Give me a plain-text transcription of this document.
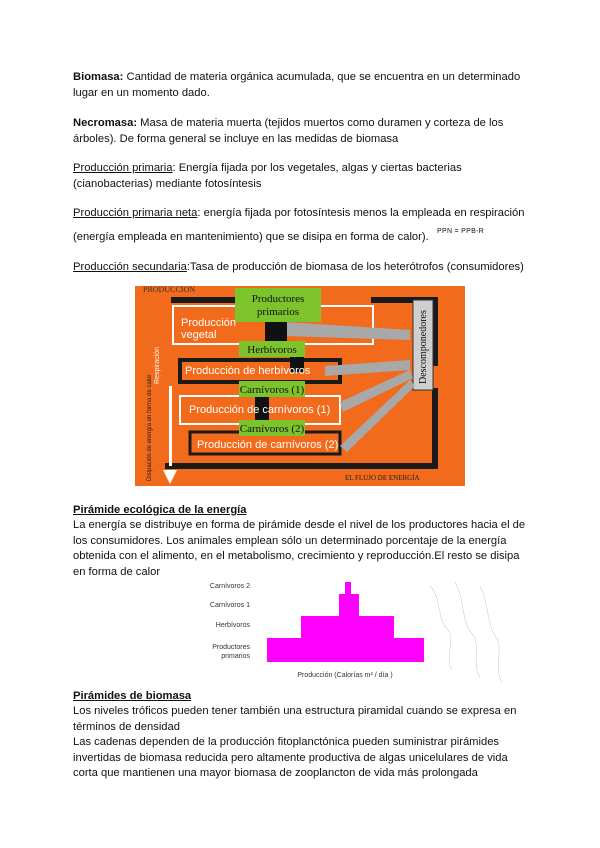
Biomasa: Cantidad de materia orgánica acumulada, que se encuentra en un determinado lugar en un momento dado.
Necromasa: Masa de materia muerta (tejidos muertos como duramen y corteza de los árboles). De forma general se incluye en las medidas de biomasa
Producción primaria: Energía fijada por los vegetales, algas y ciertas bacterias (cianobacterias) mediante fotosíntesis
Producción primaria neta: energía fijada por fotosíntesis menos la empleada en respiración
(energía empleada en mantenimiento) que se disipa en forma de calor).	PPN = PPB-R
Producción secundaria:Tasa de producción de biomasa de los heterótrofos (consumidores)
PRODUCCIÓN
Descomponedores
Productores
primarios
Herbívoros
Carnívoros (1)
Carnívoros (2)
Producción
vegetal
Producción de herbívoros
Producción de carnívoros (1)
Producción de carnívoros (2)
Respiración
Disipación de energía en forma de calor	EL FLUJO DE ENERGÍA
Pirámide ecológica de la energía
La energía se distribuye en forma de pirámide desde el nivel de los productores hacia el de los consumidores. Los animales emplean sólo un determinado porcentaje de la energía obtenida con el alimento, en el metabolismo, crecimiento y reproducción.El resto se disipa en forma de calor
Carnívoros 2
Carnívoros 1
Herbívoros
Productores
primarios
Producción (Calorías m² / día )
Pirámides de biomasa
Los niveles tróficos pueden tener también una estructura piramidal cuando se expresa en términos de densidad
Las cadenas dependen de la producción fitoplanctónica pueden suministrar pirámides invertidas de biomasa reducida pero altamente productiva de algas unicelulares de vida corta que mantienen una mayor biomasa de zooplancton de vida más prolongada
